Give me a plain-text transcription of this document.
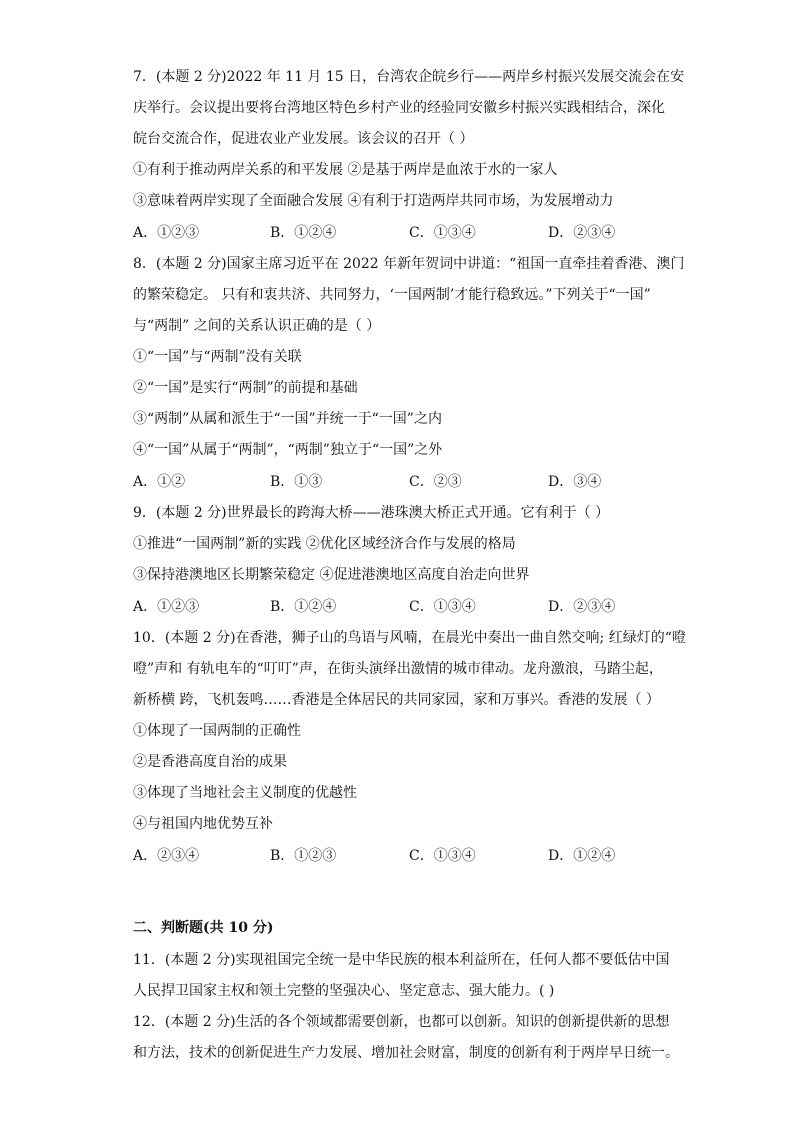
7．(本题 2 分)2022 年 11 月 15 日，台湾农企皖乡行——两岸乡村振兴发展交流会在安
庆举行。会议提出要将台湾地区特色乡村产业的经验同安徽乡村振兴实践相结合，深化
皖台交流合作，促进农业产业发展。该会议的召开（ ）
①有利于推动两岸关系的和平发展 ②是基于两岸是血浓于水的一家人
③意味着两岸实现了全面融合发展 ④有利于打造两岸共同市场，为发展增动力
A．①②③	B．①②④	C．①③④	D．②③④
8．(本题 2 分)国家主席习近平在 2022 年新年贺词中讲道：“祖国一直牵挂着香港、澳门
的繁荣稳定。 只有和衷共济、共同努力，‘一国两制’才能行稳致远。”下列关于“一国”
与“两制” 之间的关系认识正确的是（ ）
①“一国”与“两制”没有关联
②“一国”是实行“两制”的前提和基础
③“两制”从属和派生于“一国”并统一于“一国”之内
④“一国”从属于“两制”，“两制”独立于“一国”之外
A．①②	B．①③	C．②③	D．③④
9．(本题 2 分)世界最长的跨海大桥——港珠澳大桥正式开通。它有利于（ ）
①推进“一国两制”新的实践 ②优化区域经济合作与发展的格局
③保持港澳地区长期繁荣稳定 ④促进港澳地区高度自治走向世界
A．①②③	B．①②④	C．①③④	D．②③④
10．(本题 2 分)在香港，狮子山的鸟语与风喃，在晨光中奏出一曲自然交响; 红绿灯的“噔
噔”声和 有轨电车的“叮叮”声，在街头演绎出激情的城市律动。龙舟激浪，马踏尘起，
新桥横 跨，飞机轰鸣……香港是全体居民的共同家园，家和万事兴。香港的发展（ ）
①体现了一国两制的正确性
②是香港高度自治的成果
③体现了当地社会主义制度的优越性
④与祖国内地优势互补
A．②③④	B．①②③	C．①③④	D．①②④
二、判断题(共 10 分)
11．(本题 2 分)实现祖国完全统一是中华民族的根本利益所在，任何人都不要低估中国
人民捍卫国家主权和领土完整的坚强决心、坚定意志、强大能力。( )
12．(本题 2 分)生活的各个领域都需要创新，也都可以创新。知识的创新提供新的思想
和方法，技术的创新促进生产力发展、增加社会财富，制度的创新有利于两岸早日统一。
